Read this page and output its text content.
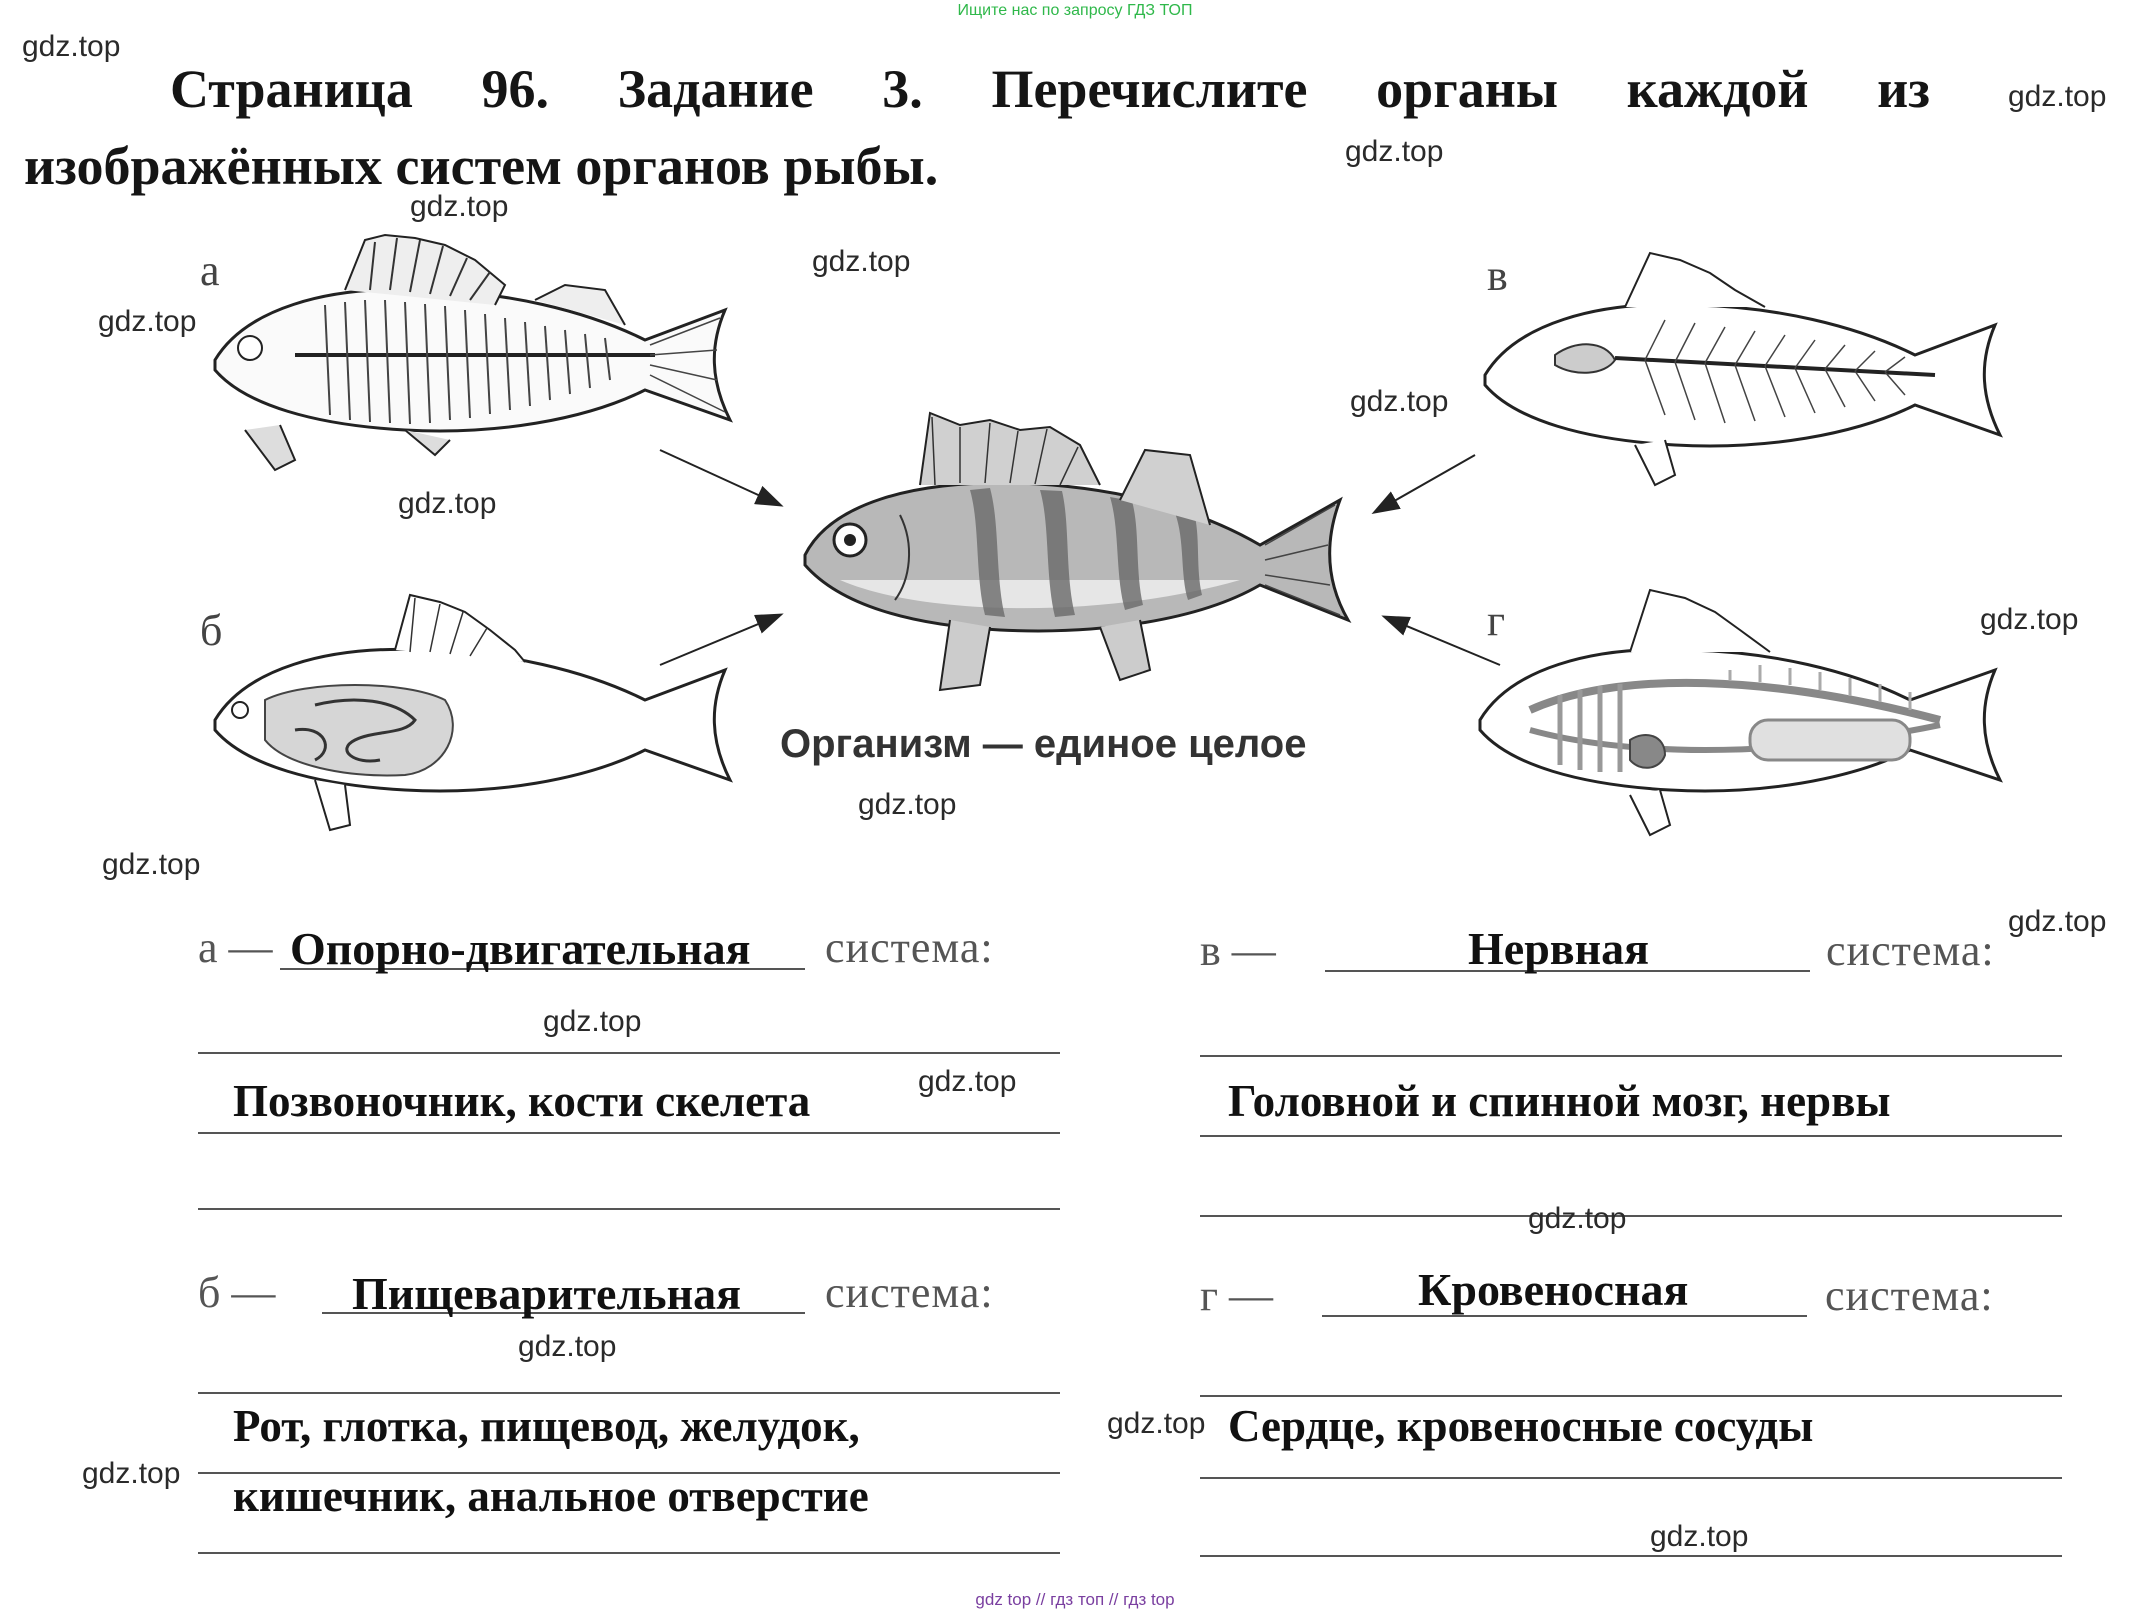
Ищите нас по запросу ГДЗ ТОП
gdz top // гдз топ // гдз top
Страница 96. Задание 3. Перечислите органы каждой из
изображённых систем органов рыбы.
а
б
в
г
Организм — единое целое
а — Опорно-двигательная система:
Позвоночник, кости скелета
в —	Нервная	система:
Головной и спинной мозг, нервы
б — Пищеварительная система:
Рот, глотка, пищевод, желудок,
кишечник, анальное отверстие
г —	Кровеносная	система:
Сердце, кровеносные сосуды
gdz.top
gdz.top
gdz.top
gdz.top
gdz.top
gdz.top
gdz.top
gdz.top
gdz.top
gdz.top
gdz.top
gdz.top
gdz.top
gdz.top
gdz.top
gdz.top
gdz.top
gdz.top
gdz.top
